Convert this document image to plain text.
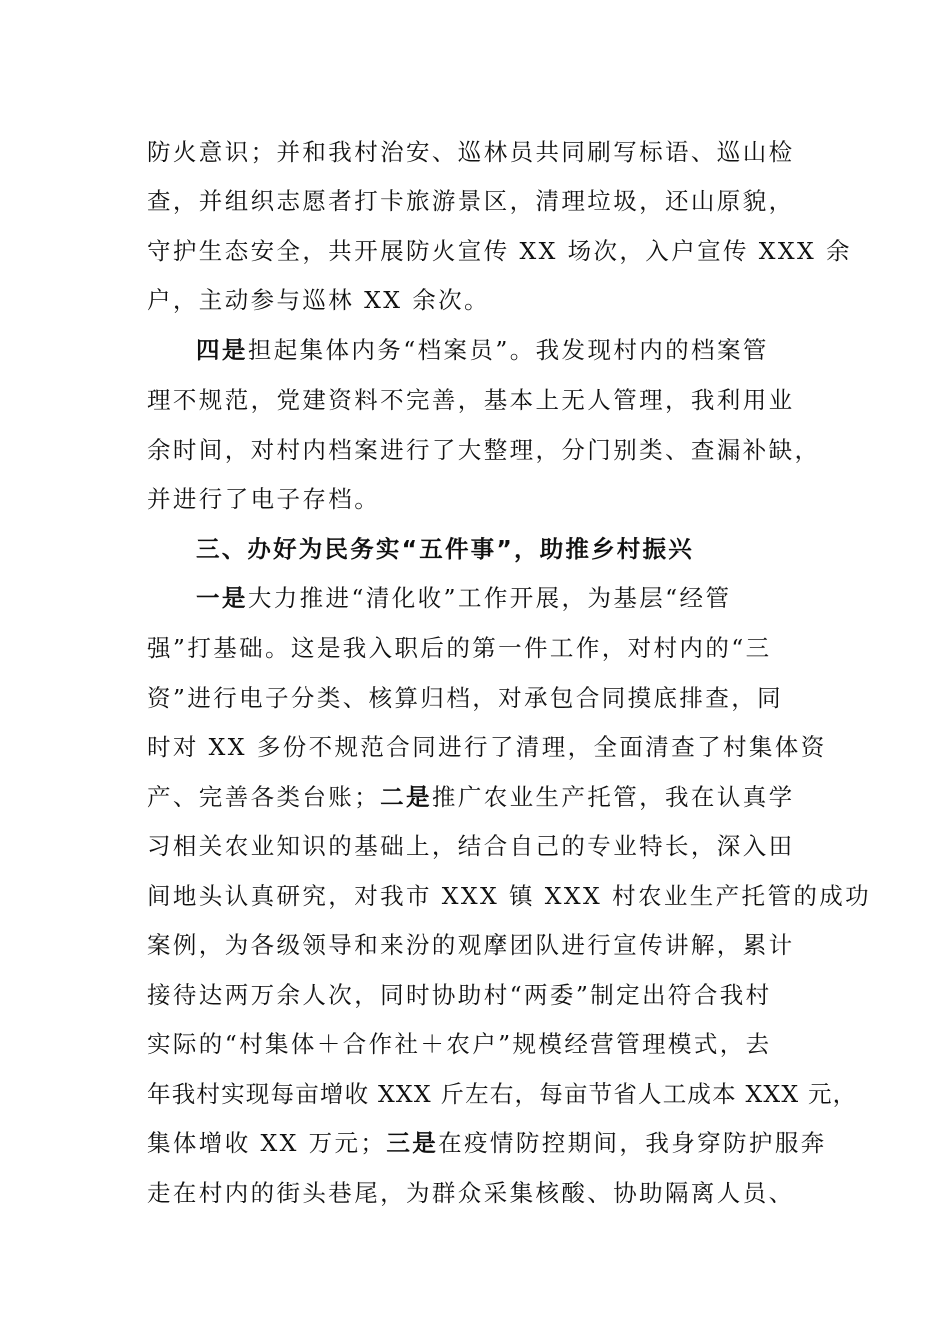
防火意识；并和我村治安、巡林员共同刷写标语、巡山检
查，并组织志愿者打卡旅游景区，清理垃圾，还山原貌，
守护生态安全，共开展防火宣传 XX 场次，入户宣传 XXX 余
户，主动参与巡林 XX 余次。
四是担起集体内务“档案员”。我发现村内的档案管
理不规范，党建资料不完善，基本上无人管理，我利用业
余时间，对村内档案进行了大整理，分门别类、查漏补缺，
并进行了电子存档。
三、办好为民务实“五件事”，助推乡村振兴
一是大力推进“清化收”工作开展，为基层“经管
强”打基础。这是我入职后的第一件工作，对村内的“三
资”进行电子分类、核算归档，对承包合同摸底排查，同
时对 XX 多份不规范合同进行了清理，全面清查了村集体资
产、完善各类台账；二是推广农业生产托管，我在认真学
习相关农业知识的基础上，结合自己的专业特长，深入田
间地头认真研究，对我市 XXX 镇 XXX 村农业生产托管的成功
案例，为各级领导和来汾的观摩团队进行宣传讲解，累计
接待达两万余人次，同时协助村“两委”制定出符合我村
实际的“村集体＋合作社＋农户”规模经营管理模式，去
年我村实现每亩增收 XXX 斤左右，每亩节省人工成本 XXX 元，
集体增收 XX 万元；三是在疫情防控期间，我身穿防护服奔
走在村内的街头巷尾，为群众采集核酸、协助隔离人员、
